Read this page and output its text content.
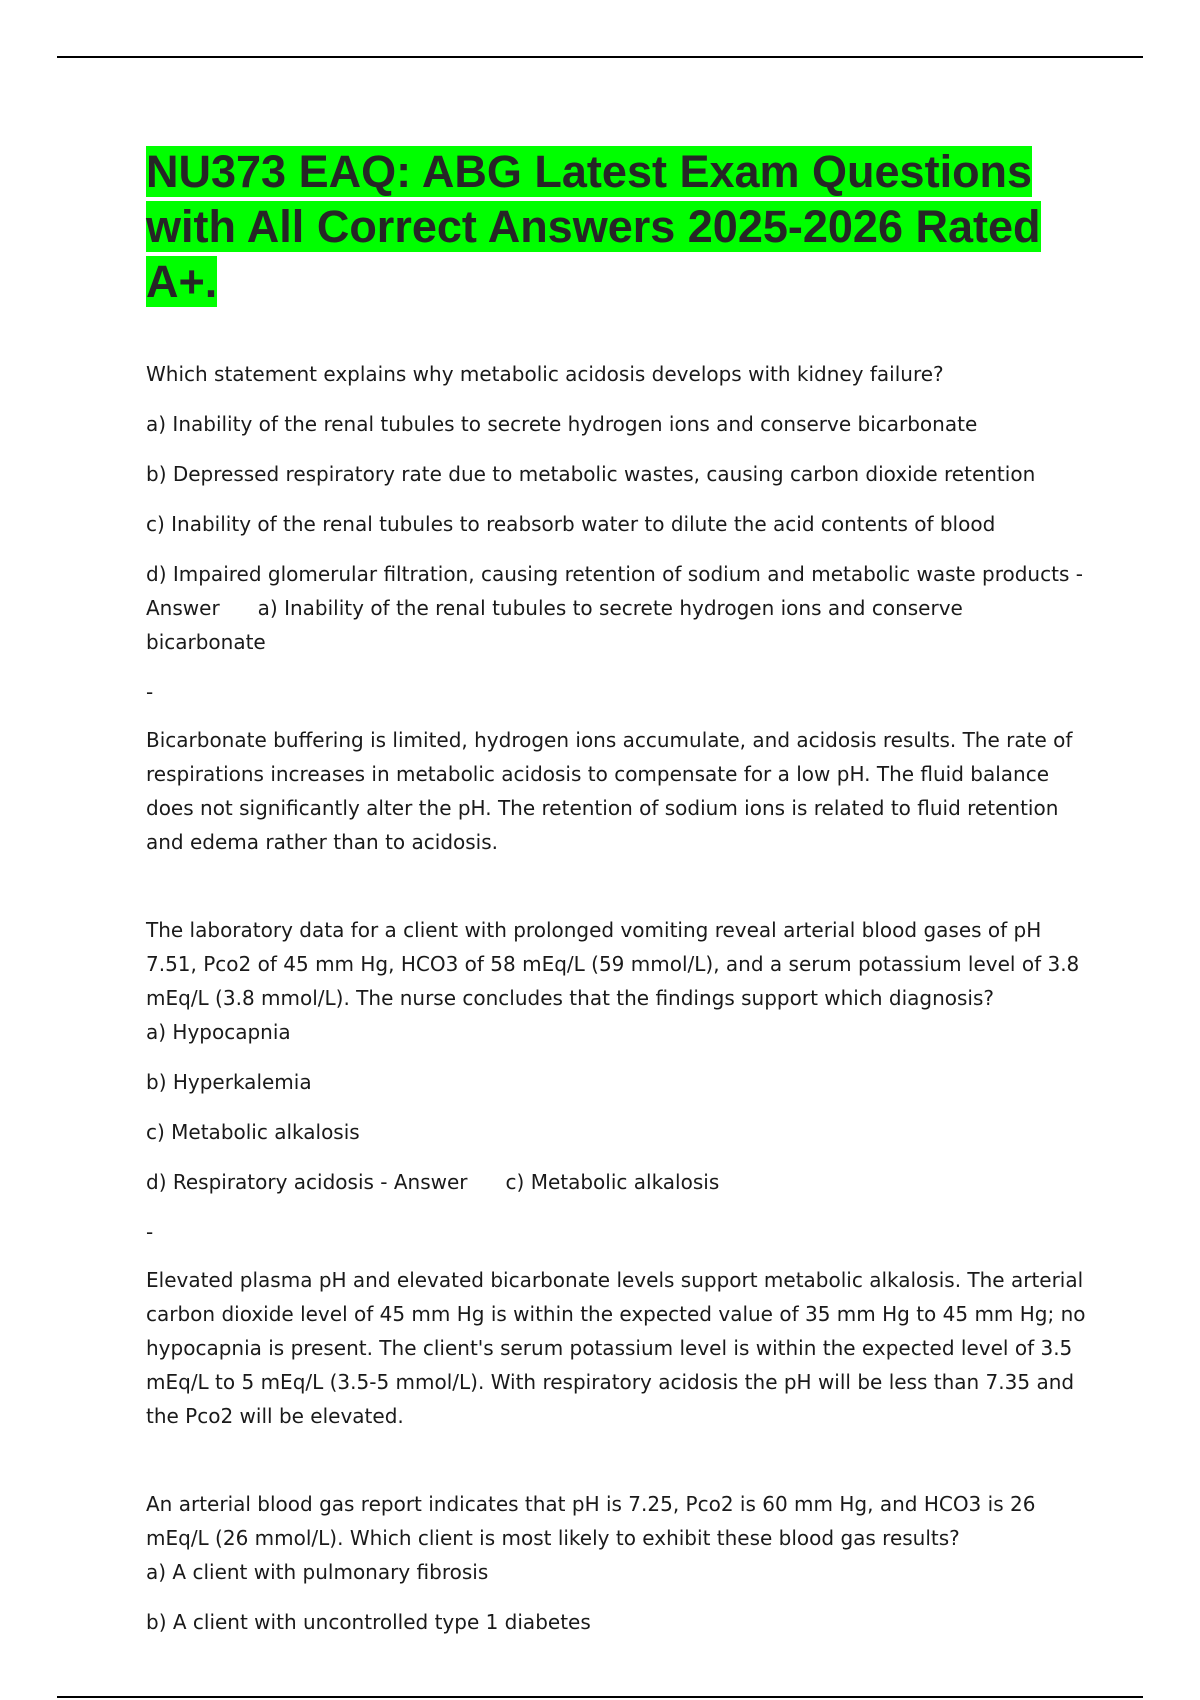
NU373 EAQ: ABG Latest Exam Questions with All Correct Answers 2025-2026 Rated A+.

Which statement explains why metabolic acidosis develops with kidney failure?

a) Inability of the renal tubules to secrete hydrogen ions and conserve bicarbonate

b) Depressed respiratory rate due to metabolic wastes, causing carbon dioxide retention

c) Inability of the renal tubules to reabsorb water to dilute the acid contents of blood

d) Impaired glomerular filtration, causing retention of sodium and metabolic waste products -

Answer a) Inability of the renal tubules to secrete hydrogen ions and conserve bicarbonate

-

Bicarbonate buffering is limited, hydrogen ions accumulate, and acidosis results. The rate of respirations increases in metabolic acidosis to compensate for a low pH. The fluid balance does not significantly alter the pH. The retention of sodium ions is related to fluid retention and edema rather than to acidosis.

The laboratory data for a client with prolonged vomiting reveal arterial blood gases of pH 7.51, Pco2 of 45 mm Hg, HCO3 of 58 mEq/L (59 mmol/L), and a serum potassium level of 3.8 mEq/L (3.8 mmol/L). The nurse concludes that the findings support which diagnosis?

a) Hypocapnia

b) Hyperkalemia

c) Metabolic alkalosis

d) Respiratory acidosis - Answer c) Metabolic alkalosis

-

Elevated plasma pH and elevated bicarbonate levels support metabolic alkalosis. The arterial carbon dioxide level of 45 mm Hg is within the expected value of 35 mm Hg to 45 mm Hg; no hypocapnia is present. The client's serum potassium level is within the expected level of 3.5 mEq/L to 5 mEq/L (3.5-5 mmol/L). With respiratory acidosis the pH will be less than 7.35 and the Pco2 will be elevated.

An arterial blood gas report indicates that pH is 7.25, Pco2 is 60 mm Hg, and HCO3 is 26 mEq/L (26 mmol/L). Which client is most likely to exhibit these blood gas results?

a) A client with pulmonary fibrosis

b) A client with uncontrolled type 1 diabetes
